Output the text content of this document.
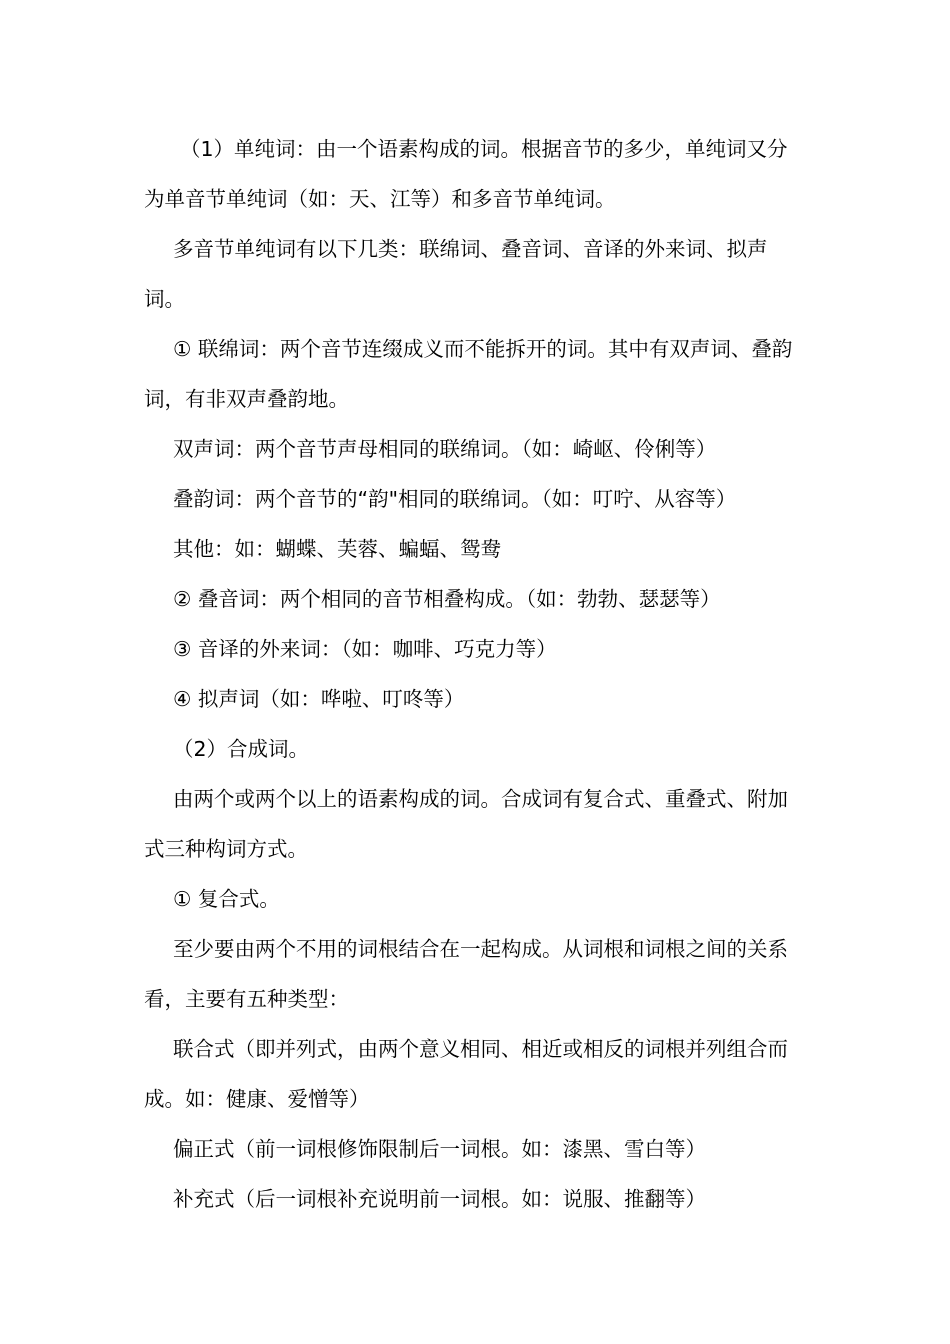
（1）单纯词：由一个语素构成的词。根据音节的多少，单纯词又分为单音节单纯词（如：天、江等）和多音节单纯词。

多音节单纯词有以下几类：联绵词、叠音词、音译的外来词、拟声词。

① 联绵词：两个音节连缀成义而不能拆开的词。其中有双声词、叠韵词，有非双声叠韵地。

双声词：两个音节声母相同的联绵词。（如：崎岖、伶俐等）

叠韵词：两个音节的“韵"相同的联绵词。（如：叮咛、从容等）

其他：如：蝴蝶、芙蓉、蝙蝠、鸳鸯

② 叠音词：两个相同的音节相叠构成。（如：勃勃、瑟瑟等）

③ 音译的外来词：（如：咖啡、巧克力等）

④ 拟声词（如：哗啦、叮咚等）

（2）合成词。

由两个或两个以上的语素构成的词。合成词有复合式、重叠式、附加式三种构词方式。

① 复合式。

至少要由两个不用的词根结合在一起构成。从词根和词根之间的关系看，主要有五种类型：

联合式（即并列式，由两个意义相同、相近或相反的词根并列组合而成。如：健康、爱憎等）

偏正式（前一词根修饰限制后一词根。如：漆黑、雪白等）

补充式（后一词根补充说明前一词根。如：说服、推翻等）
